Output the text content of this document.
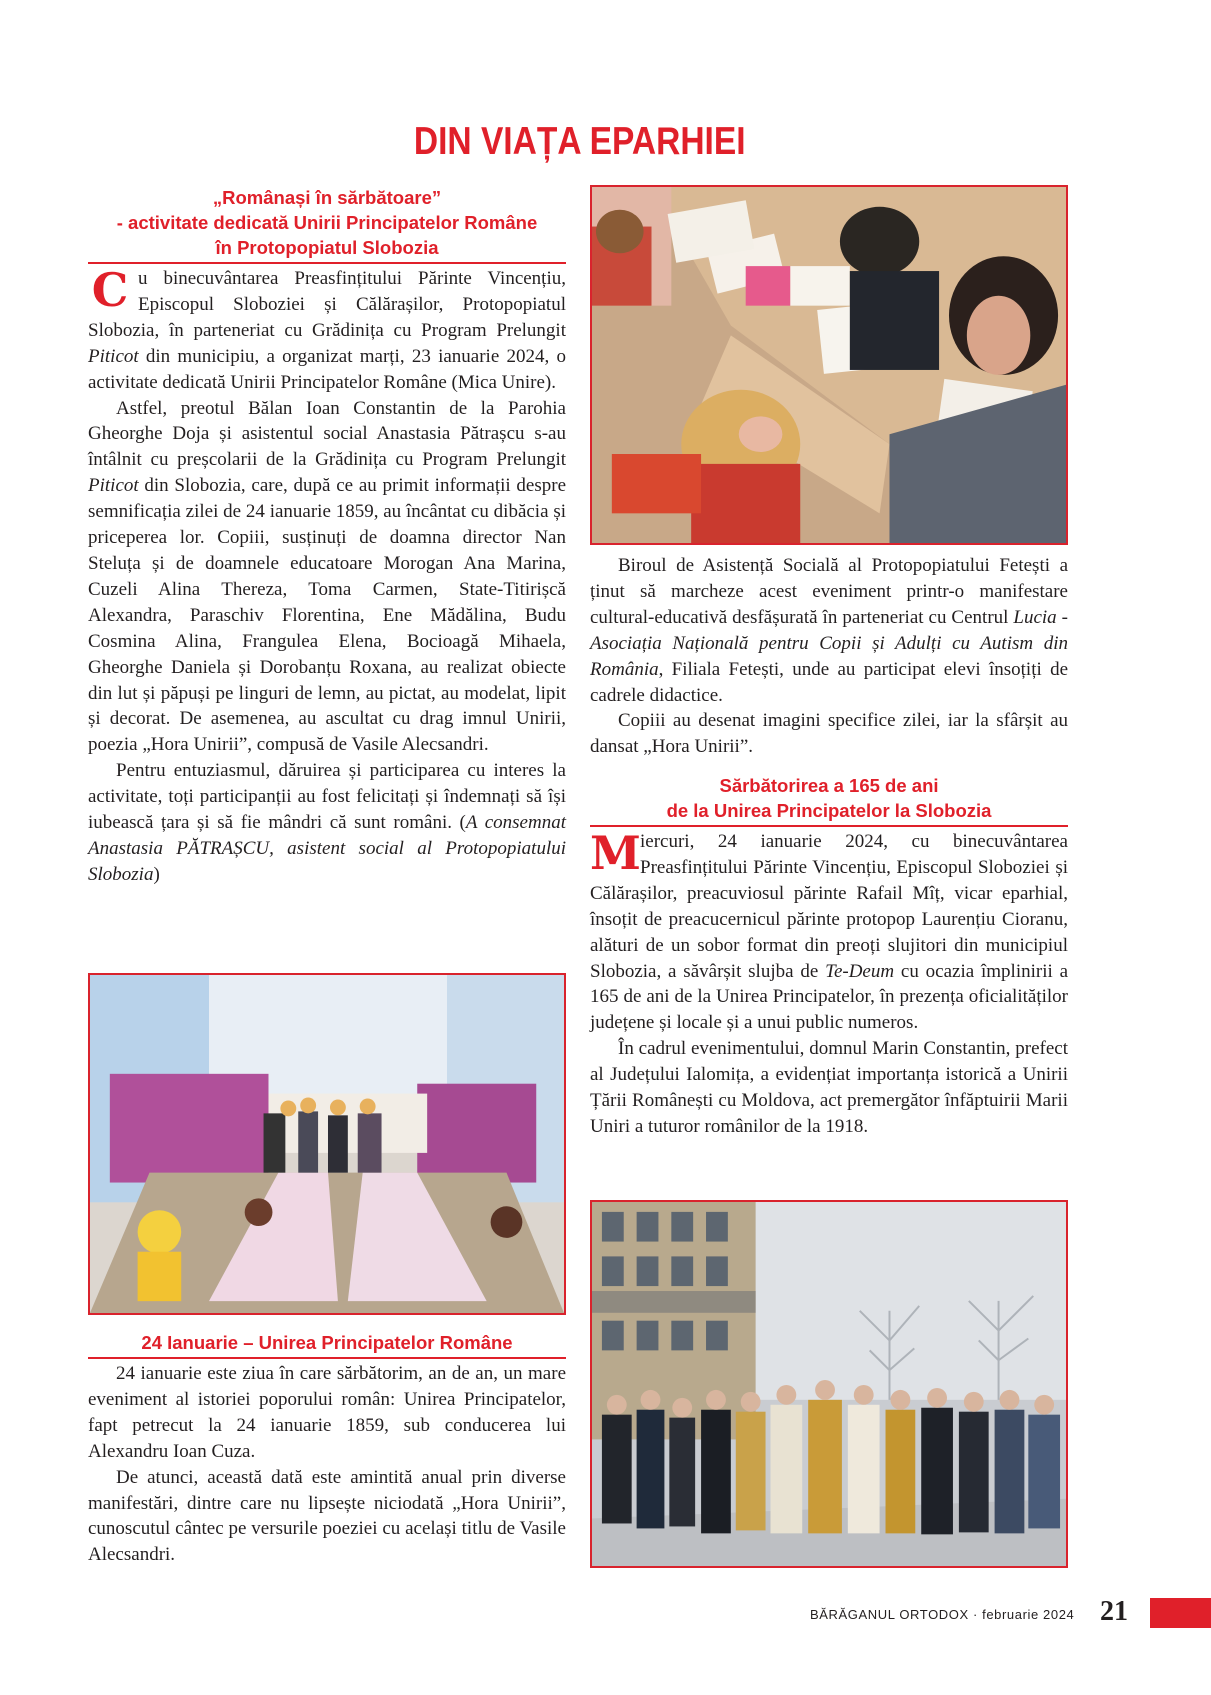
DIN VIAȚA EPARHIEI
„Românași în sărbătoare”
- activitate dedicată Unirii Principatelor Române
în Protopopiatul Slobozia

C u binecuvântarea Preasfințitului Părinte Vincențiu, Episcopul Sloboziei și Călărașilor, Protopopiatul Slobozia, în parteneriat cu Grădinița cu Program Prelungit Piticot din municipiu, a organizat marți, 23 ianuarie 2024, o activitate dedicată Unirii Principatelor Române (Mica Unire).

Astfel, preotul Bălan Ioan Constantin de la Parohia Gheorghe Doja și asistentul social Anastasia Pătrașcu s-au întâlnit cu preșcolarii de la Grădinița cu Program Prelungit Piticot din Slobozia, care, după ce au primit informații despre semnificația zilei de 24 ianuarie 1859, au încântat cu dibăcia și priceperea lor. Copiii, susținuți de doamna director Nan Steluța și de doamnele educatoare Morogan Ana Marina, Cuzeli Alina Thereza, Toma Carmen, State-Titirișcă Alexandra, Paraschiv Florentina, Ene Mădălina, Budu Cosmina Alina, Frangulea Elena, Bocioagă Mihaela, Gheorghe Daniela și Dorobanțu Roxana, au realizat obiecte din lut și păpuși pe linguri de lemn, au pictat, au modelat, lipit și decorat. De asemenea, au ascultat cu drag imnul Unirii, poezia „Hora Unirii”, compusă de Vasile Alecsandri.

Pentru entuziasmul, dăruirea și participarea cu interes la activitate, toți participanții au fost felicitați și îndemnați să își iubească țara și să fie mândri că sunt români. (A consemnat Anastasia PĂTRAȘCU, asistent social al Protopopiatului Slobozia)

24 Ianuarie – Unirea Principatelor Române

24 ianuarie este ziua în care sărbătorim, an de an, un mare eveniment al istoriei poporului român: Unirea Principatelor, fapt petrecut la 24 ianuarie 1859, sub conducerea lui Alexandru Ioan Cuza.

De atunci, această dată este amintită anual prin diverse manifestări, dintre care nu lipsește niciodată „Hora Unirii”, cunoscutul cântec pe versurile poeziei cu același titlu de Vasile Alecsandri.

Biroul de Asistență Socială al Protopopiatului Fetești a ținut să marcheze acest eveniment printr-o manifestare cultural-educativă desfășurată în parteneriat cu Centrul Lucia - Asociația Națională pentru Copii și Adulți cu Autism din România, Filiala Fetești, unde au participat elevi însoțiți de cadrele didactice.

Copiii au desenat imagini specifice zilei, iar la sfârșit au dansat „Hora Unirii”.

Sărbătorirea a 165 de ani
de la Unirea Principatelor la Slobozia

M iercuri, 24 ianuarie 2024, cu binecuvântarea Preasfințitului Părinte Vincențiu, Episcopul Sloboziei și Călărașilor, preacuviosul părinte Rafail Mîț, vicar eparhial, însoțit de preacucernicul părinte protopop Laurențiu Cioranu, alături de un sobor format din preoți slujitori din municipiul Slobozia, a săvârșit slujba de Te-Deum cu ocazia împlinirii a 165 de ani de la Unirea Principatelor, în prezența oficialităților județene și locale și a unui public numeros.

În cadrul evenimentului, domnul Marin Constantin, prefect al Județului Ialomița, a evidențiat importanța istorică a Unirii Țării Românești cu Moldova, act premergător înfăptuirii Marii Uniri a tuturor românilor de la 1918.

BĂRĂGANUL ORTODOX · februarie 2024 21
